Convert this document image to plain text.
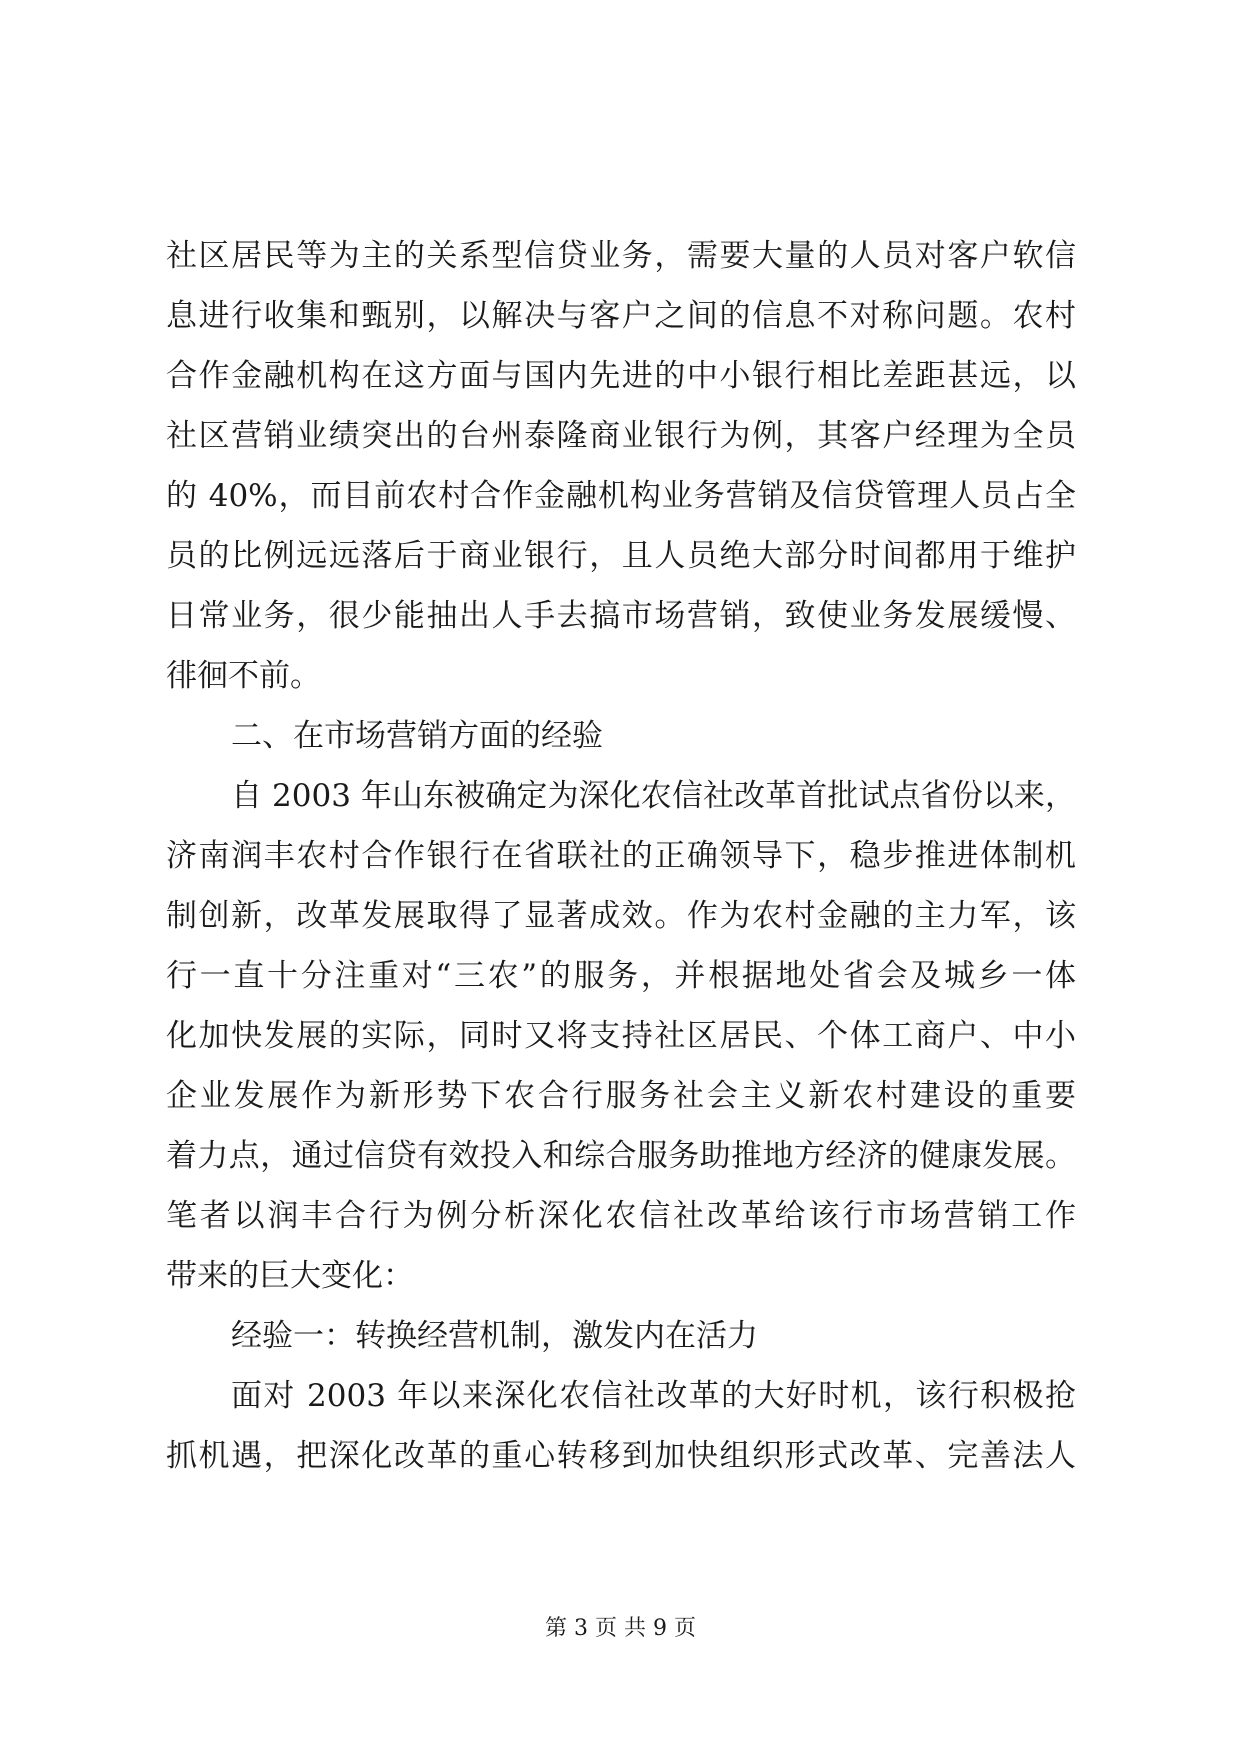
社区居民等为主的关系型信贷业务，需要大量的人员对客户软信
息进行收集和甄别，以解决与客户之间的信息不对称问题。农村
合作金融机构在这方面与国内先进的中小银行相比差距甚远，以
社区营销业绩突出的台州泰隆商业银行为例，其客户经理为全员
的 40%，而目前农村合作金融机构业务营销及信贷管理人员占全
员的比例远远落后于商业银行，且人员绝大部分时间都用于维护
日常业务，很少能抽出人手去搞市场营销，致使业务发展缓慢、
徘徊不前。
二、在市场营销方面的经验
自 2003 年山东被确定为深化农信社改革首批试点省份以来，
济南润丰农村合作银行在省联社的正确领导下，稳步推进体制机
制创新，改革发展取得了显著成效。作为农村金融的主力军，该
行一直十分注重对“三农”的服务，并根据地处省会及城乡一体
化加快发展的实际，同时又将支持社区居民、个体工商户、中小
企业发展作为新形势下农合行服务社会主义新农村建设的重要
着力点，通过信贷有效投入和综合服务助推地方经济的健康发展。
笔者以润丰合行为例分析深化农信社改革给该行市场营销工作
带来的巨大变化：
经验一：转换经营机制，激发内在活力
面对 2003 年以来深化农信社改革的大好时机，该行积极抢
抓机遇，把深化改革的重心转移到加快组织形式改革、完善法人
第 3 页 共 9 页
